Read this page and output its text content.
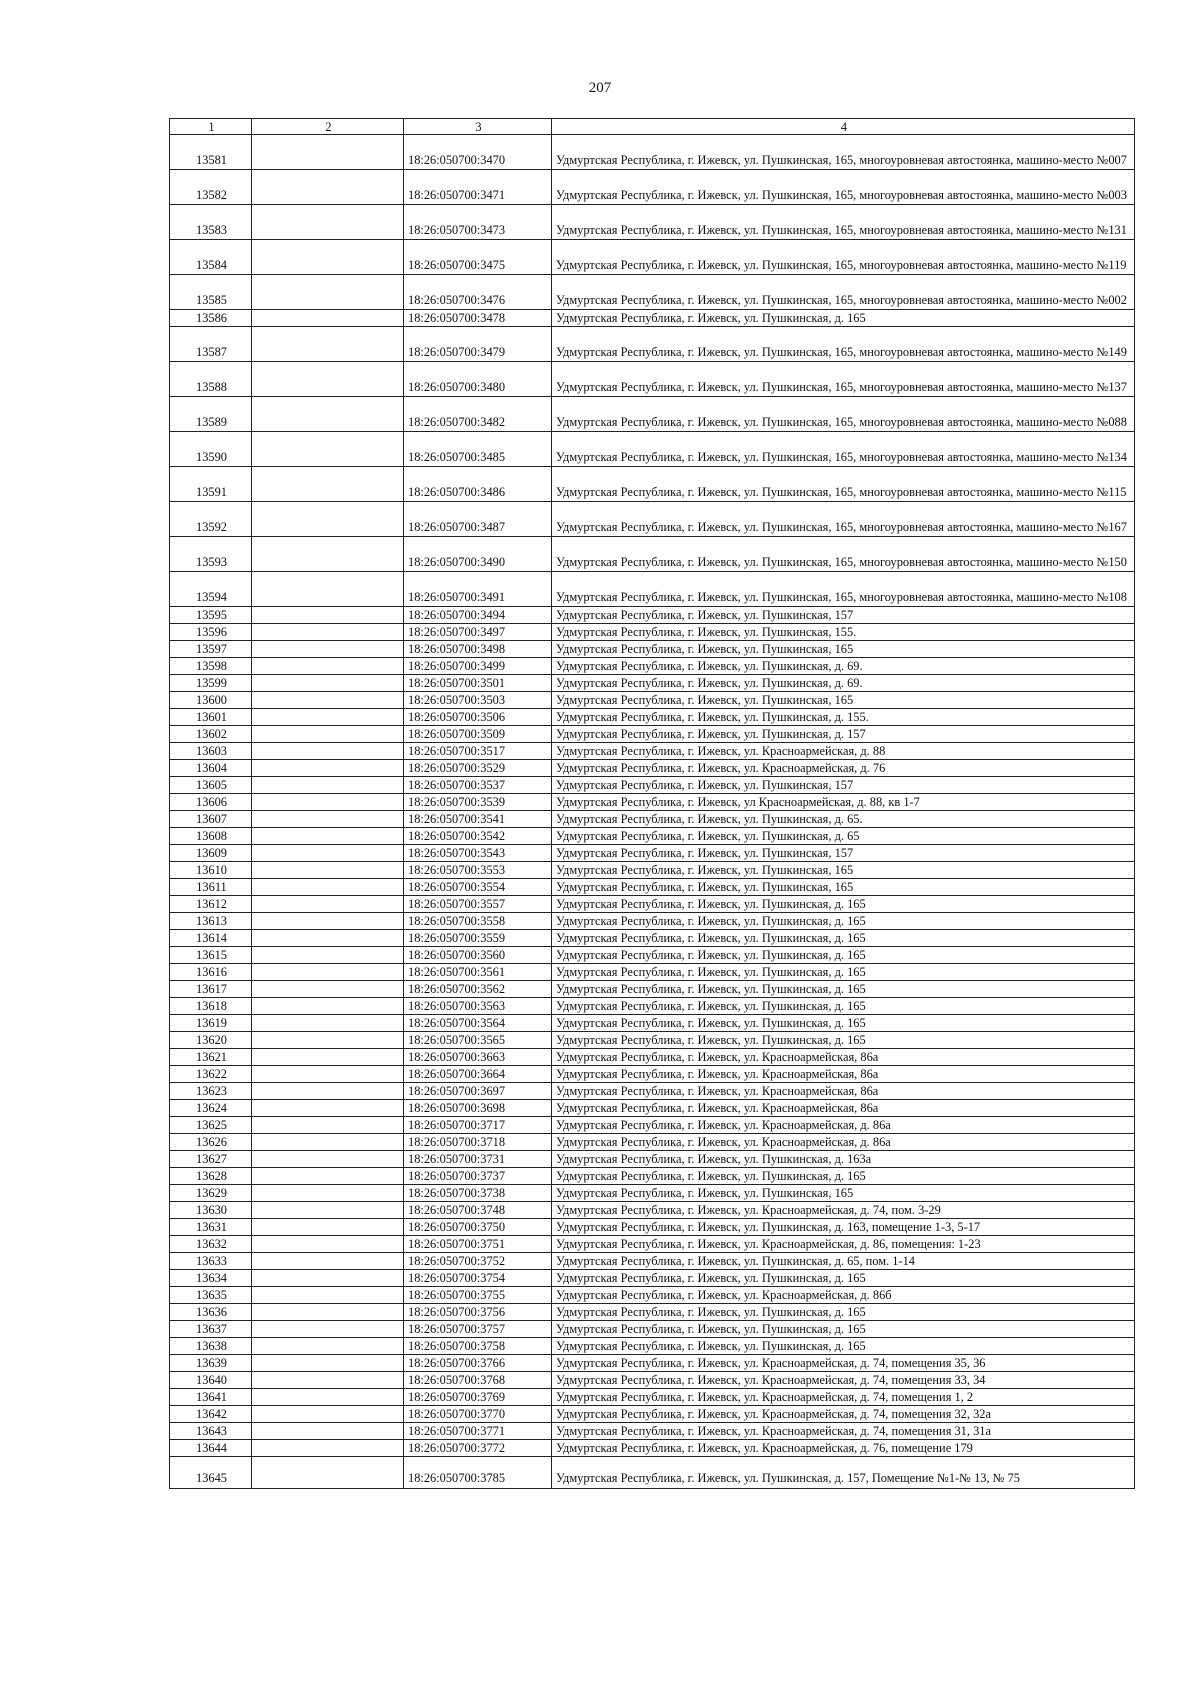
207
1	2	3	4
13581		18:26:050700:3470	Удмуртская Республика, г. Ижевск, ул. Пушкинская, 165, многоуровневая автостоянка, машино-место №007
13582		18:26:050700:3471	Удмуртская Республика, г. Ижевск, ул. Пушкинская, 165, многоуровневая автостоянка, машино-место №003
13583		18:26:050700:3473	Удмуртская Республика, г. Ижевск, ул. Пушкинская, 165, многоуровневая автостоянка, машино-место №131
13584		18:26:050700:3475	Удмуртская Республика, г. Ижевск, ул. Пушкинская, 165, многоуровневая автостоянка, машино-место №119
13585		18:26:050700:3476	Удмуртская Республика, г. Ижевск, ул. Пушкинская, 165, многоуровневая автостоянка, машино-место №002
13586		18:26:050700:3478	Удмуртская Республика, г. Ижевск, ул. Пушкинская, д. 165
13587		18:26:050700:3479	Удмуртская Республика, г. Ижевск, ул. Пушкинская, 165, многоуровневая автостоянка, машино-место №149
13588		18:26:050700:3480	Удмуртская Республика, г. Ижевск, ул. Пушкинская, 165, многоуровневая автостоянка, машино-место №137
13589		18:26:050700:3482	Удмуртская Республика, г. Ижевск, ул. Пушкинская, 165, многоуровневая автостоянка, машино-место №088
13590		18:26:050700:3485	Удмуртская Республика, г. Ижевск, ул. Пушкинская, 165, многоуровневая автостоянка, машино-место №134
13591		18:26:050700:3486	Удмуртская Республика, г. Ижевск, ул. Пушкинская, 165, многоуровневая автостоянка, машино-место №115
13592		18:26:050700:3487	Удмуртская Республика, г. Ижевск, ул. Пушкинская, 165, многоуровневая автостоянка, машино-место №167
13593		18:26:050700:3490	Удмуртская Республика, г. Ижевск, ул. Пушкинская, 165, многоуровневая автостоянка, машино-место №150
13594		18:26:050700:3491	Удмуртская Республика, г. Ижевск, ул. Пушкинская, 165, многоуровневая автостоянка, машино-место №108
13595		18:26:050700:3494	Удмуртская Республика, г. Ижевск, ул. Пушкинская, 157
13596		18:26:050700:3497	Удмуртская Республика, г. Ижевск, ул. Пушкинская, 155.
13597		18:26:050700:3498	Удмуртская Республика, г. Ижевск, ул. Пушкинская, 165
13598		18:26:050700:3499	Удмуртская Республика, г. Ижевск, ул. Пушкинская, д. 69.
13599		18:26:050700:3501	Удмуртская Республика, г. Ижевск, ул. Пушкинская, д. 69.
13600		18:26:050700:3503	Удмуртская Республика, г. Ижевск, ул. Пушкинская, 165
13601		18:26:050700:3506	Удмуртская Республика, г. Ижевск, ул. Пушкинская, д. 155.
13602		18:26:050700:3509	Удмуртская Республика, г. Ижевск, ул. Пушкинская, д. 157
13603		18:26:050700:3517	Удмуртская Республика, г. Ижевск, ул. Красноармейская, д. 88
13604		18:26:050700:3529	Удмуртская Республика, г. Ижевск, ул. Красноармейская, д. 76
13605		18:26:050700:3537	Удмуртская Республика, г. Ижевск, ул. Пушкинская, 157
13606		18:26:050700:3539	Удмуртская Республика, г. Ижевск, ул Красноармейская, д. 88, кв 1-7
13607		18:26:050700:3541	Удмуртская Республика, г. Ижевск, ул. Пушкинская, д. 65.
13608		18:26:050700:3542	Удмуртская Республика, г. Ижевск, ул. Пушкинская, д. 65
13609		18:26:050700:3543	Удмуртская Республика, г. Ижевск, ул. Пушкинская, 157
13610		18:26:050700:3553	Удмуртская Республика, г. Ижевск, ул. Пушкинская, 165
13611		18:26:050700:3554	Удмуртская Республика, г. Ижевск, ул. Пушкинская, 165
13612		18:26:050700:3557	Удмуртская Республика, г. Ижевск, ул. Пушкинская, д. 165
13613		18:26:050700:3558	Удмуртская Республика, г. Ижевск, ул. Пушкинская, д. 165
13614		18:26:050700:3559	Удмуртская Республика, г. Ижевск, ул. Пушкинская, д. 165
13615		18:26:050700:3560	Удмуртская Республика, г. Ижевск, ул. Пушкинская, д. 165
13616		18:26:050700:3561	Удмуртская Республика, г. Ижевск, ул. Пушкинская, д. 165
13617		18:26:050700:3562	Удмуртская Республика, г. Ижевск, ул. Пушкинская, д. 165
13618		18:26:050700:3563	Удмуртская Республика, г. Ижевск, ул. Пушкинская, д. 165
13619		18:26:050700:3564	Удмуртская Республика, г. Ижевск, ул. Пушкинская, д. 165
13620		18:26:050700:3565	Удмуртская Республика, г. Ижевск, ул. Пушкинская, д. 165
13621		18:26:050700:3663	Удмуртская Республика, г. Ижевск, ул. Красноармейская, 86а
13622		18:26:050700:3664	Удмуртская Республика, г. Ижевск, ул. Красноармейская, 86а
13623		18:26:050700:3697	Удмуртская Республика, г. Ижевск, ул. Красноармейская, 86а
13624		18:26:050700:3698	Удмуртская Республика, г. Ижевск, ул. Красноармейская, 86а
13625		18:26:050700:3717	Удмуртская Республика, г. Ижевск, ул. Красноармейская, д. 86а
13626		18:26:050700:3718	Удмуртская Республика, г. Ижевск, ул. Красноармейская, д. 86а
13627		18:26:050700:3731	Удмуртская Республика, г. Ижевск, ул. Пушкинская, д. 163а
13628		18:26:050700:3737	Удмуртская Республика, г. Ижевск, ул. Пушкинская, д. 165
13629		18:26:050700:3738	Удмуртская Республика, г. Ижевск, ул. Пушкинская, 165
13630		18:26:050700:3748	Удмуртская Республика, г. Ижевск, ул. Красноармейская, д. 74, пом. 3-29
13631		18:26:050700:3750	Удмуртская Республика, г. Ижевск, ул. Пушкинская, д. 163, помещение 1-3, 5-17
13632		18:26:050700:3751	Удмуртская Республика, г. Ижевск, ул. Красноармейская, д. 86, помещения: 1-23
13633		18:26:050700:3752	Удмуртская Республика, г. Ижевск, ул. Пушкинская, д. 65, пом. 1-14
13634		18:26:050700:3754	Удмуртская Республика, г. Ижевск, ул. Пушкинская, д. 165
13635		18:26:050700:3755	Удмуртская Республика, г. Ижевск, ул. Красноармейская, д. 86б
13636		18:26:050700:3756	Удмуртская Республика, г. Ижевск, ул. Пушкинская, д. 165
13637		18:26:050700:3757	Удмуртская Республика, г. Ижевск, ул. Пушкинская, д. 165
13638		18:26:050700:3758	Удмуртская Республика, г. Ижевск, ул. Пушкинская, д. 165
13639		18:26:050700:3766	Удмуртская Республика, г. Ижевск, ул. Красноармейская, д. 74, помещения 35, 36
13640		18:26:050700:3768	Удмуртская Республика, г. Ижевск, ул. Красноармейская, д. 74, помещения 33, 34
13641		18:26:050700:3769	Удмуртская Республика, г. Ижевск, ул. Красноармейская, д. 74, помещения 1, 2
13642		18:26:050700:3770	Удмуртская Республика, г. Ижевск, ул. Красноармейская, д. 74, помещения 32, 32а
13643		18:26:050700:3771	Удмуртская Республика, г. Ижевск, ул. Красноармейская, д. 74, помещения 31, 31а
13644		18:26:050700:3772	Удмуртская Республика, г. Ижевск, ул. Красноармейская, д. 76, помещение 179
13645		18:26:050700:3785	Удмуртская Республика, г. Ижевск, ул. Пушкинская, д. 157, Помещение №1-№ 13, № 75
